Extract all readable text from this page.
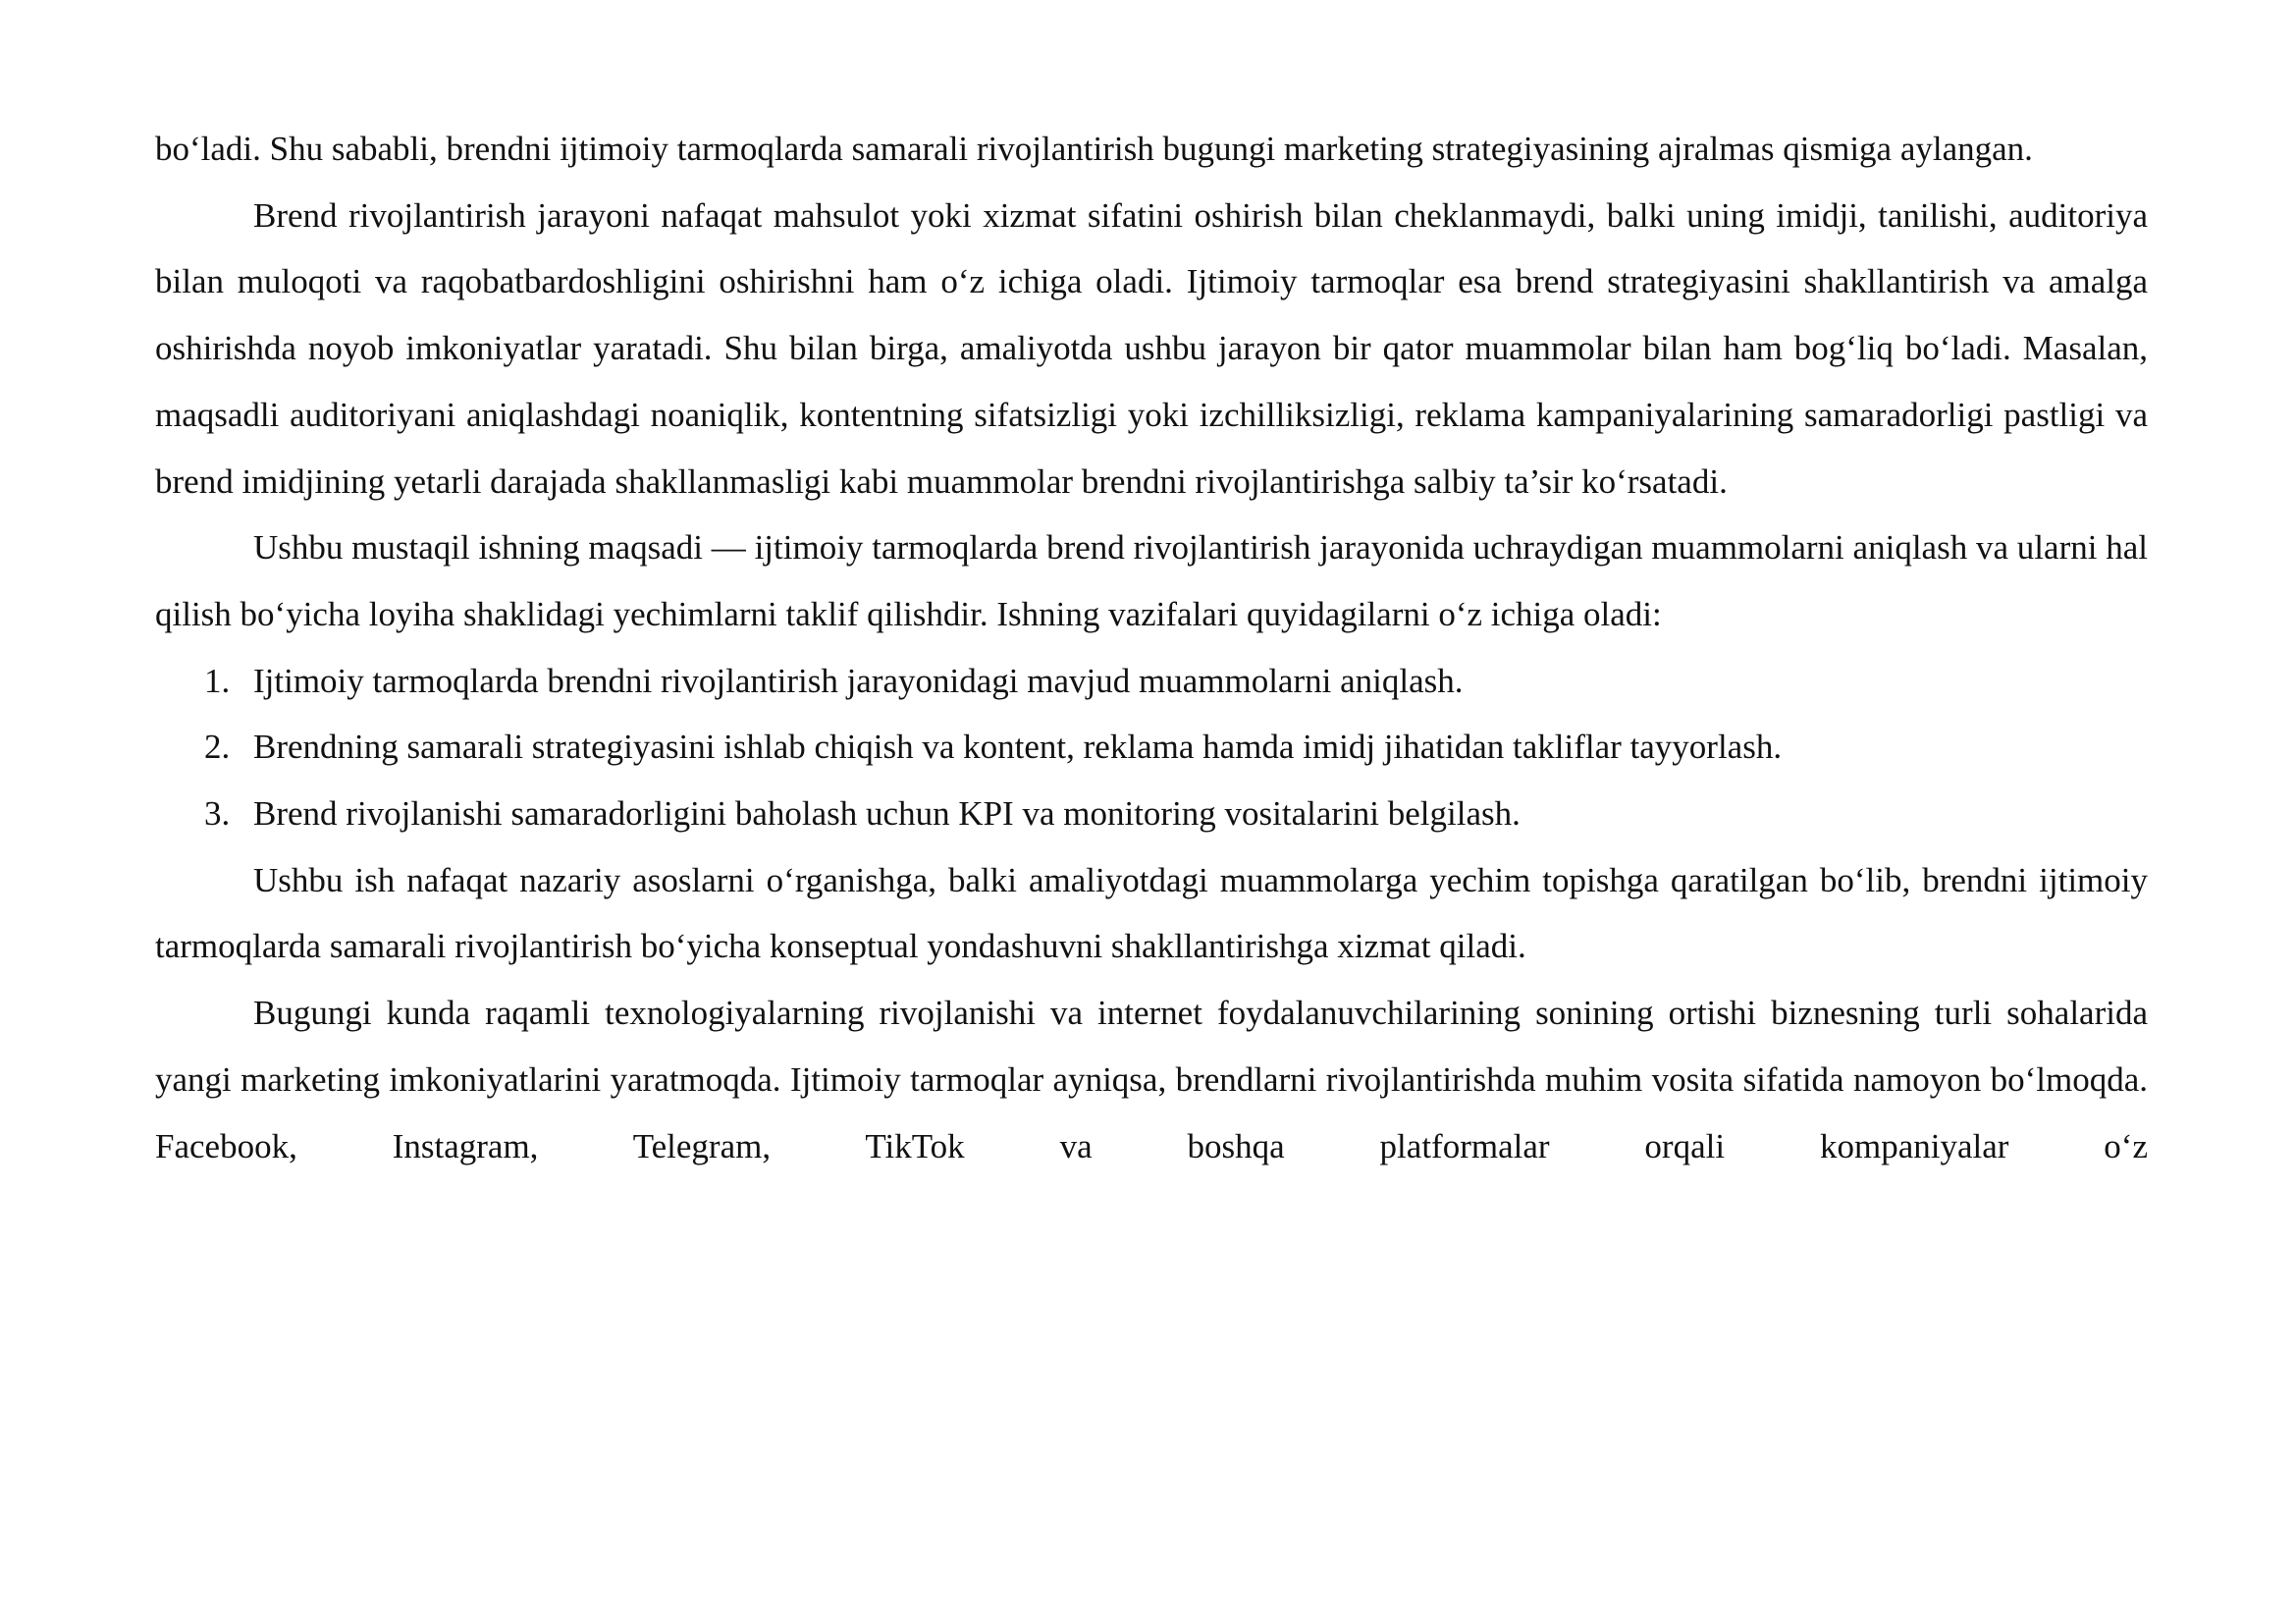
bo‘ladi. Shu sababli, brendni ijtimoiy tarmoqlarda samarali rivojlantirish bugungi marketing strategiyasining ajralmas qismiga aylangan.

Brend rivojlantirish jarayoni nafaqat mahsulot yoki xizmat sifatini oshirish bilan cheklanmaydi, balki uning imidji, tanilishi, auditoriya bilan muloqoti va raqobatbardoshligini oshirishni ham o‘z ichiga oladi. Ijtimoiy tarmoqlar esa brend strategiyasini shakllantirish va amalga oshirishda noyob imkoniyatlar yaratadi. Shu bilan birga, amaliyotda ushbu jarayon bir qator muammolar bilan ham bog‘liq bo‘ladi. Masalan, maqsadli auditoriyani aniqlashdagi noaniqlik, kontentning sifatsizligi yoki izchilliksizligi, reklama kampaniyalarining samaradorligi pastligi va brend imidjining yetarli darajada shakllanmasligi kabi muammolar brendni rivojlantirishga salbiy ta’sir ko‘rsatadi.

Ushbu mustaqil ishning maqsadi — ijtimoiy tarmoqlarda brend rivojlantirish jarayonida uchraydigan muammolarni aniqlash va ularni hal qilish bo‘yicha loyiha shaklidagi yechimlarni taklif qilishdir. Ishning vazifalari quyidagilarni o‘z ichiga oladi:

1. Ijtimoiy tarmoqlarda brendni rivojlantirish jarayonidagi mavjud muammolarni aniqlash.
2. Brendning samarali strategiyasini ishlab chiqish va kontent, reklama hamda imidj jihatidan takliflar tayyorlash.
3. Brend rivojlanishi samaradorligini baholash uchun KPI va monitoring vositalarini belgilash.

Ushbu ish nafaqat nazariy asoslarni o‘rganishga, balki amaliyotdagi muammolarga yechim topishga qaratilgan bo‘lib, brendni ijtimoiy tarmoqlarda samarali rivojlantirish bo‘yicha konseptual yondashuvni shakllantirishga xizmat qiladi.

Bugungi kunda raqamli texnologiyalarning rivojlanishi va internet foydalanuvchilarining sonining ortishi biznesning turli sohalarida yangi marketing imkoniyatlarini yaratmoqda. Ijtimoiy tarmoqlar ayniqsa, brendlarni rivojlantirishda muhim vosita sifatida namoyon bo‘lmoqda. Facebook, Instagram, Telegram, TikTok va boshqa platformalar orqali kompaniyalar o‘z
